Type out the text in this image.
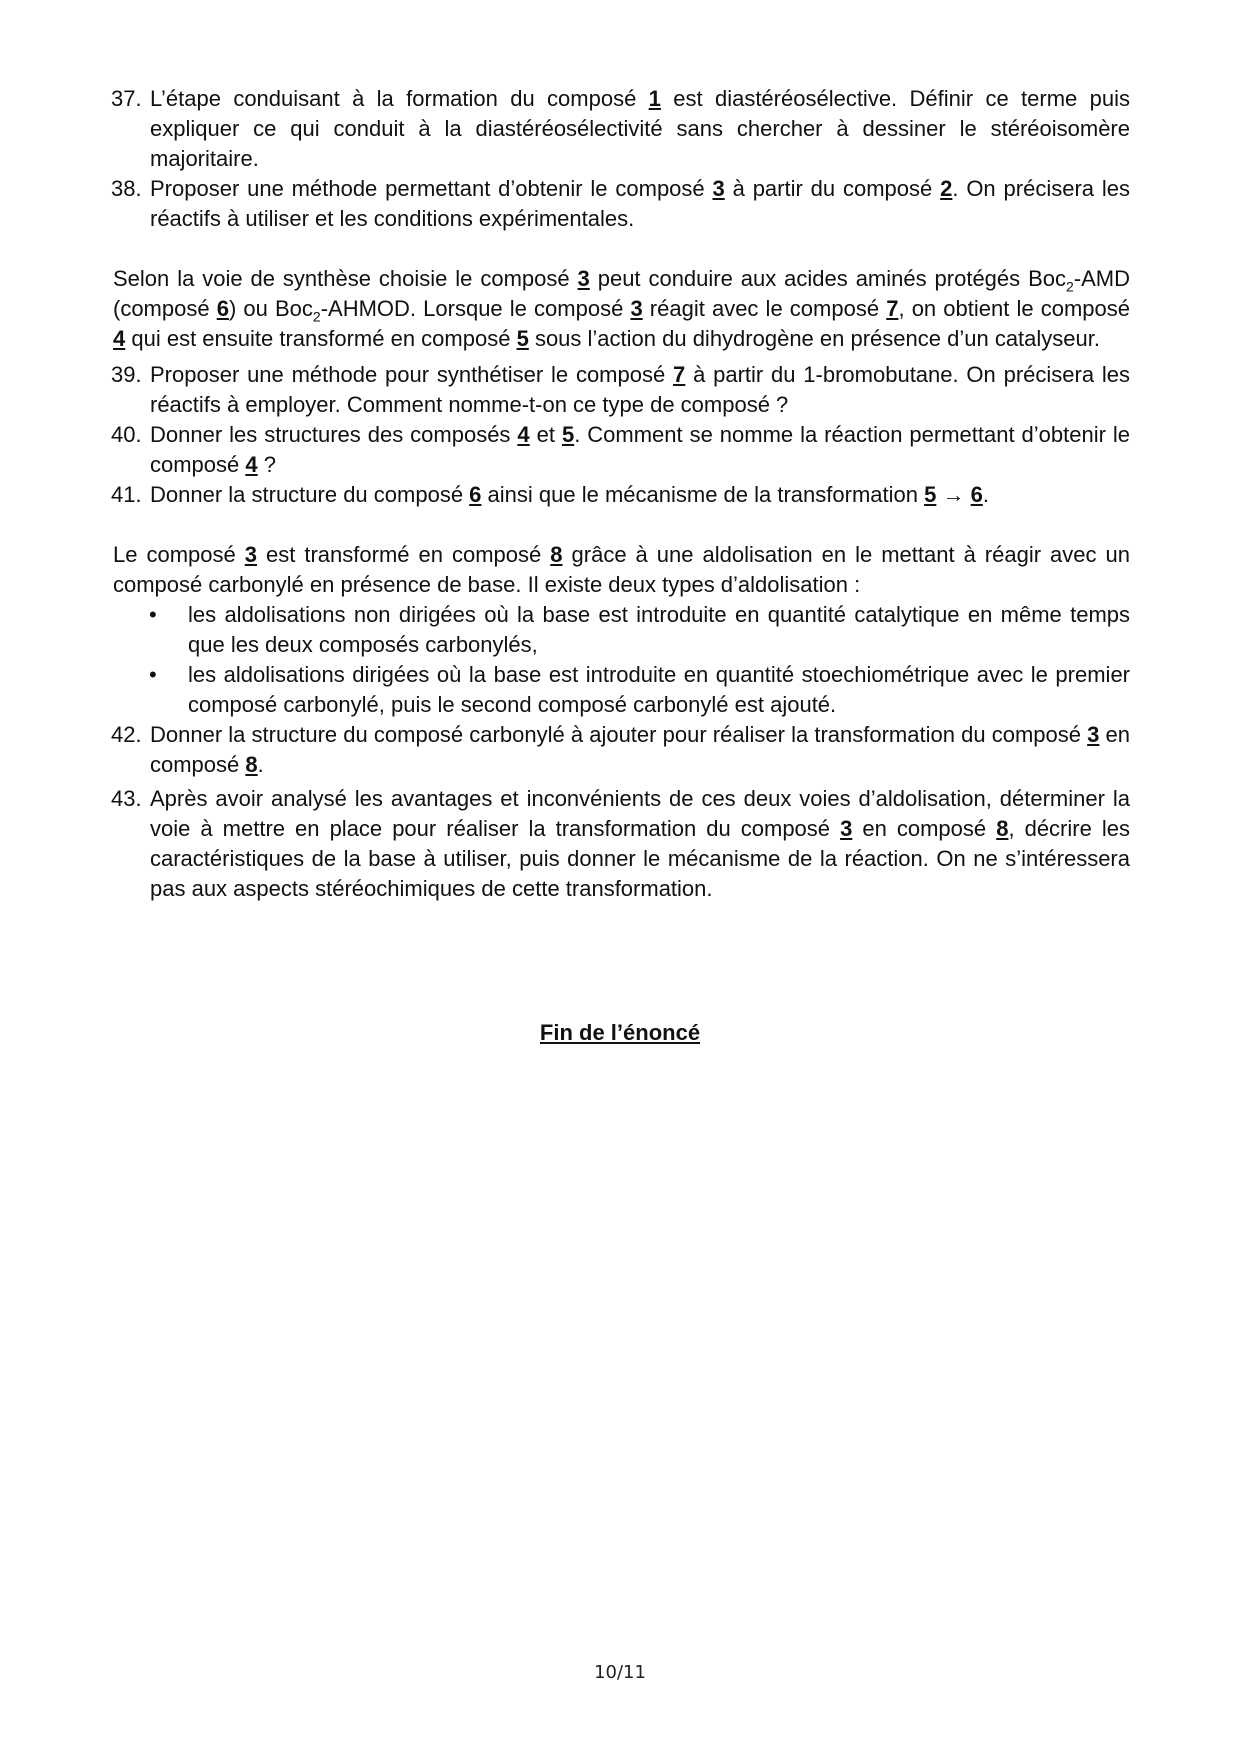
37. L’étape conduisant à la formation du composé 1 est diastéréosélective. Définir ce terme puis expliquer ce qui conduit à la diastéréosélectivité sans chercher à dessiner le stéréoisomère majoritaire.
38. Proposer une méthode permettant d’obtenir le composé 3 à partir du composé 2. On précisera les réactifs à utiliser et les conditions expérimentales.
Selon la voie de synthèse choisie le composé 3 peut conduire aux acides aminés protégés Boc$_2$-AMD (composé 6) ou Boc$_2$-AHMOD. Lorsque le composé 3 réagit avec le composé 7, on obtient le composé 4 qui est ensuite transformé en composé 5 sous l’action du dihydrogène en présence d’un catalyseur.
39. Proposer une méthode pour synthétiser le composé 7 à partir du 1-bromobutane. On précisera les réactifs à employer. Comment nomme-t-on ce type de composé ?
40. Donner les structures des composés 4 et 5. Comment se nomme la réaction permettant d’obtenir le composé 4 ?
41. Donner la structure du composé 6 ainsi que le mécanisme de la transformation 5 → 6.
Le composé 3 est transformé en composé 8 grâce à une aldolisation en le mettant à réagir avec un composé carbonylé en présence de base. Il existe deux types d’aldolisation :
• les aldolisations non dirigées où la base est introduite en quantité catalytique en même temps que les deux composés carbonylés,
• les aldolisations dirigées où la base est introduite en quantité stoechiométrique avec le premier composé carbonylé, puis le second composé carbonylé est ajouté.
42. Donner la structure du composé carbonylé à ajouter pour réaliser la transformation du composé 3 en composé 8.
43. Après avoir analysé les avantages et inconvénients de ces deux voies d’aldolisation, déterminer la voie à mettre en place pour réaliser la transformation du composé 3 en composé 8, décrire les caractéristiques de la base à utiliser, puis donner le mécanisme de la réaction. On ne s’intéressera pas aux aspects stéréochimiques de cette transformation.
Fin de l’énoncé
10/11
